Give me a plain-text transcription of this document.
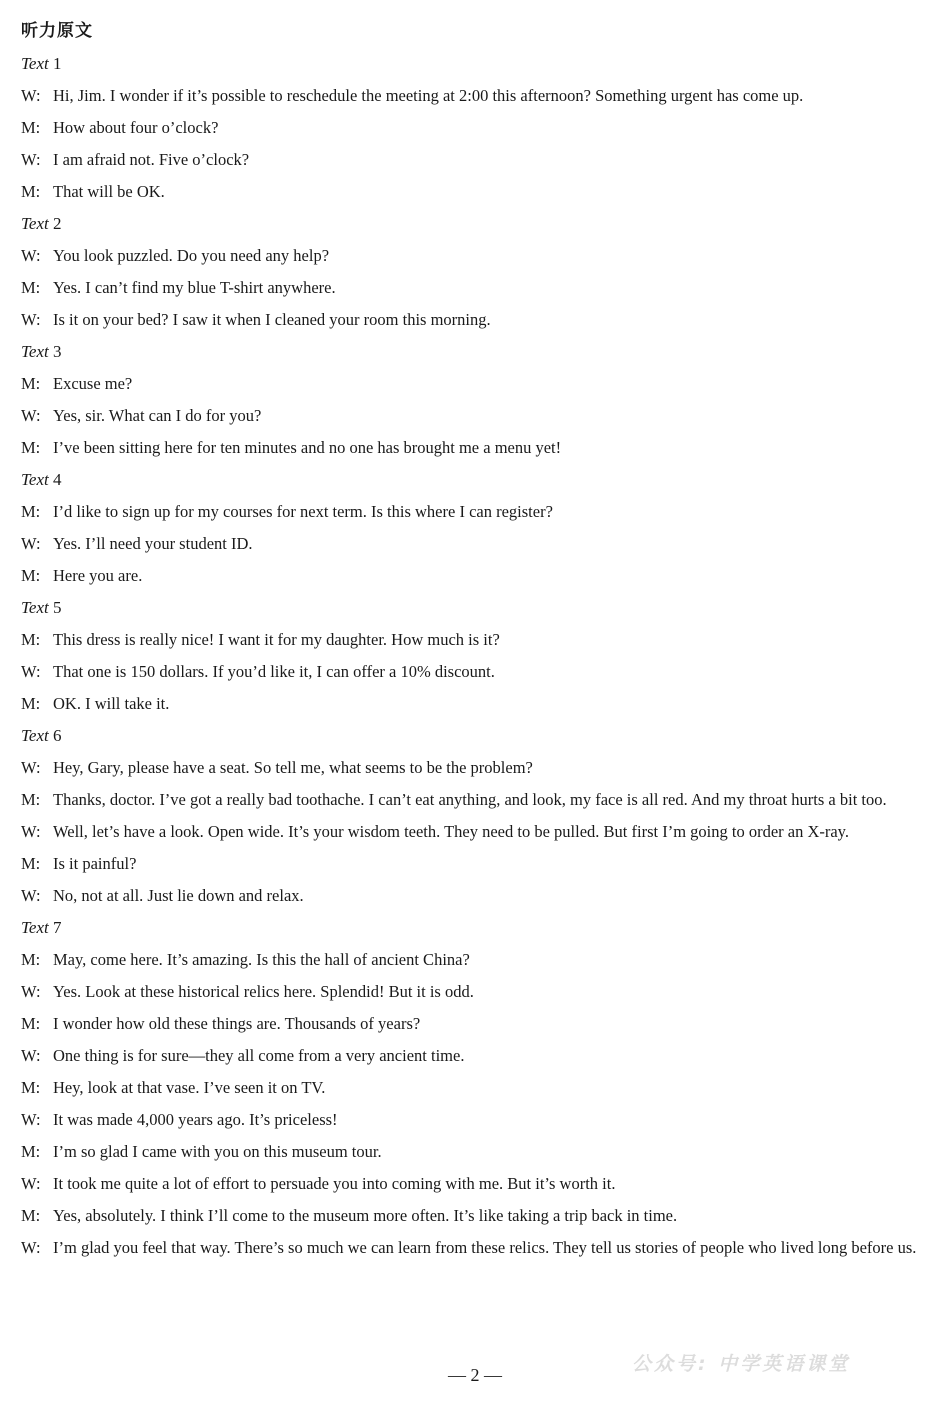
听力原文
Text 1
W: Hi, Jim. I wonder if it’s possible to reschedule the meeting at 2:00 this afternoon? Something urgent has come up.
M: How about four o’clock?
W: I am afraid not. Five o’clock?
M: That will be OK.
Text 2
W: You look puzzled. Do you need any help?
M: Yes. I can’t find my blue T-shirt anywhere.
W: Is it on your bed? I saw it when I cleaned your room this morning.
Text 3
M: Excuse me?
W: Yes, sir. What can I do for you?
M: I’ve been sitting here for ten minutes and no one has brought me a menu yet!
Text 4
M: I’d like to sign up for my courses for next term. Is this where I can register?
W: Yes. I’ll need your student ID.
M: Here you are.
Text 5
M: This dress is really nice! I want it for my daughter. How much is it?
W: That one is 150 dollars. If you’d like it, I can offer a 10% discount.
M: OK. I will take it.
Text 6
W: Hey, Gary, please have a seat. So tell me, what seems to be the problem?
M: Thanks, doctor. I’ve got a really bad toothache. I can’t eat anything, and look, my face is all red. And my throat hurts a bit too.
W: Well, let’s have a look. Open wide. It’s your wisdom teeth. They need to be pulled. But first I’m going to order an X-ray.
M: Is it painful?
W: No, not at all. Just lie down and relax.
Text 7
M: May, come here. It’s amazing. Is this the hall of ancient China?
W: Yes. Look at these historical relics here. Splendid! But it is odd.
M: I wonder how old these things are. Thousands of years?
W: One thing is for sure—they all come from a very ancient time.
M: Hey, look at that vase. I’ve seen it on TV.
W: It was made 4,000 years ago. It’s priceless!
M: I’m so glad I came with you on this museum tour.
W: It took me quite a lot of effort to persuade you into coming with me. But it’s worth it.
M: Yes, absolutely. I think I’ll come to the museum more often. It’s like taking a trip back in time.
W: I’m glad you feel that way. There’s so much we can learn from these relics. They tell us stories of people who lived long before us.
— 2 —	公众号: 中学英语课堂
